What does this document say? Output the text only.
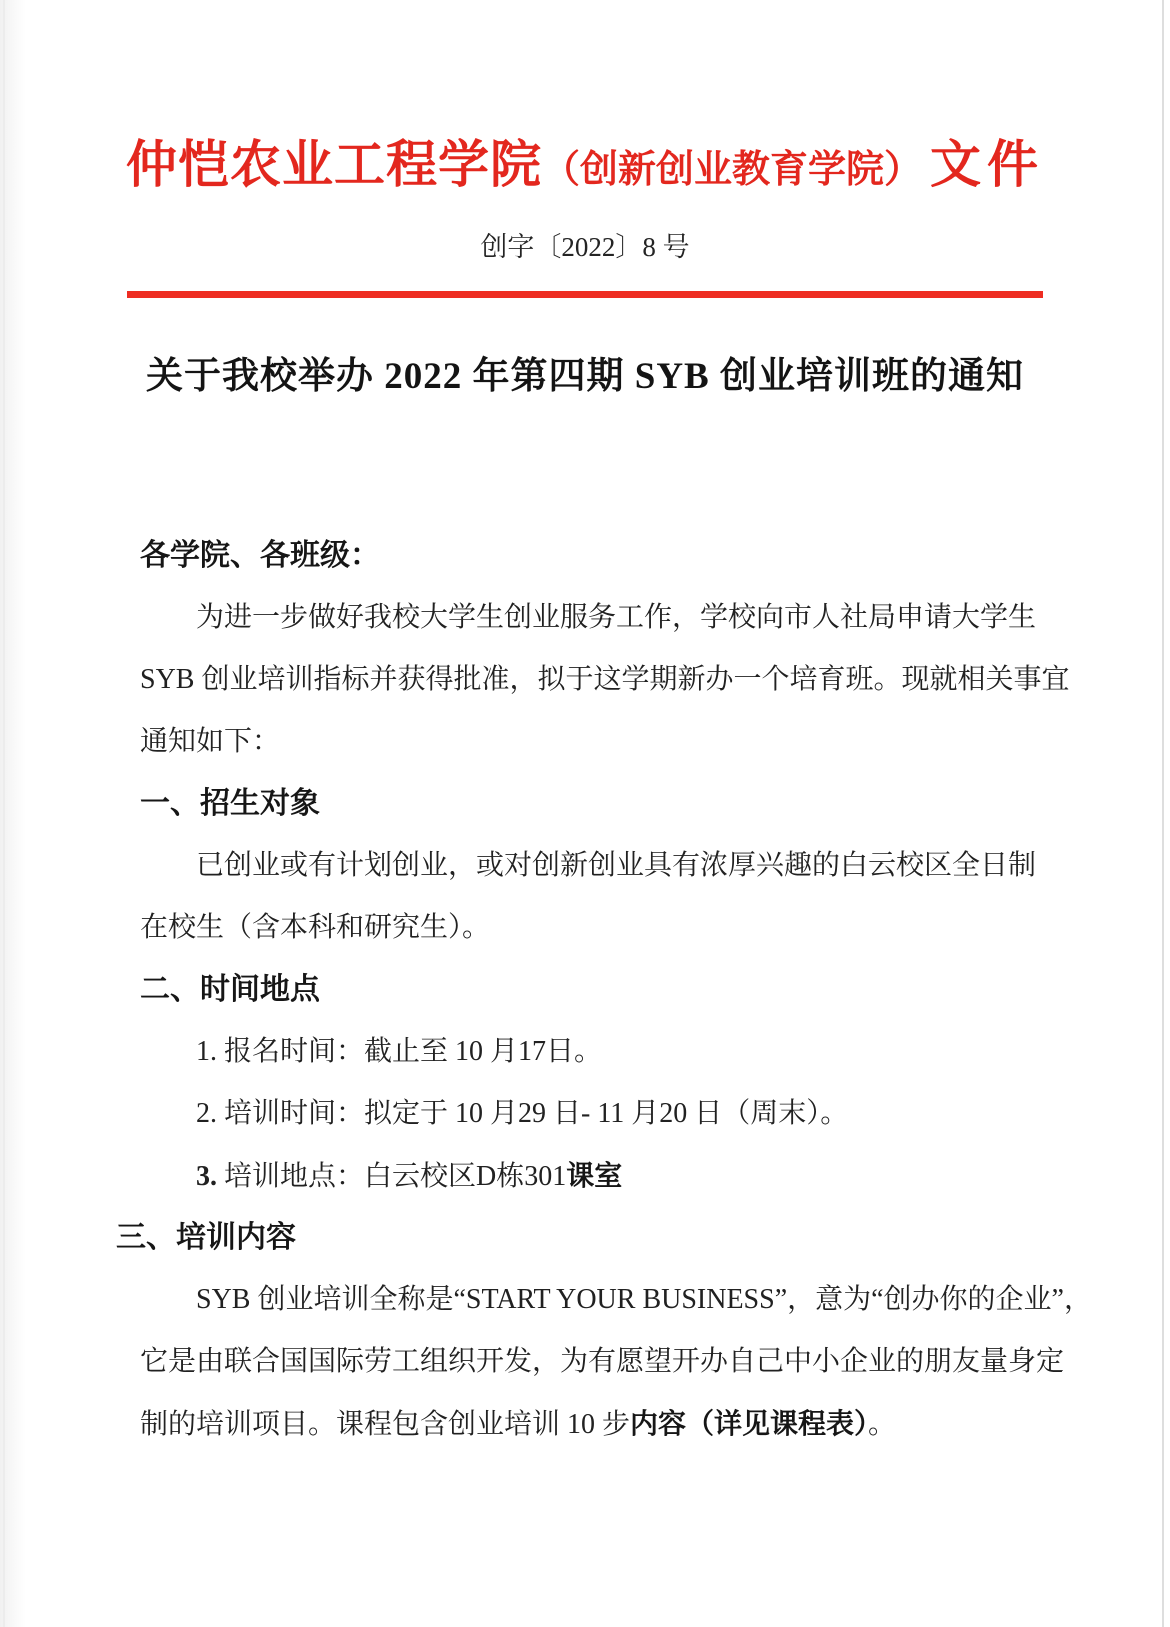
仲恺农业工程学院（创新创业教育学院） 文件
创字〔2022〕8 号
关于我校举办 2022 年第四期 SYB 创业培训班的通知
各学院、各班级：
为进一步做好我校大学生创业服务工作，学校向市人社局申请大学生
SYB 创业培训指标并获得批准，拟于这学期新办一个培育班。现就相关事宜
通知如下：
一、招生对象
已创业或有计划创业，或对创新创业具有浓厚兴趣的白云校区全日制
在校生（含本科和研究生）。
二、时间地点
1. 报名时间：截止至 10 月17日。
2. 培训时间：拟定于 10 月29 日- 11 月20 日（周末）。
3. 培训地点：白云校区D栋301课室
三、培训内容
SYB 创业培训全称是“START YOUR BUSINESS”，意为“创办你的企业”，
它是由联合国国际劳工组织开发，为有愿望开办自己中小企业的朋友量身定
制的培训项目。课程包含创业培训 10 步内容（详见课程表）。
